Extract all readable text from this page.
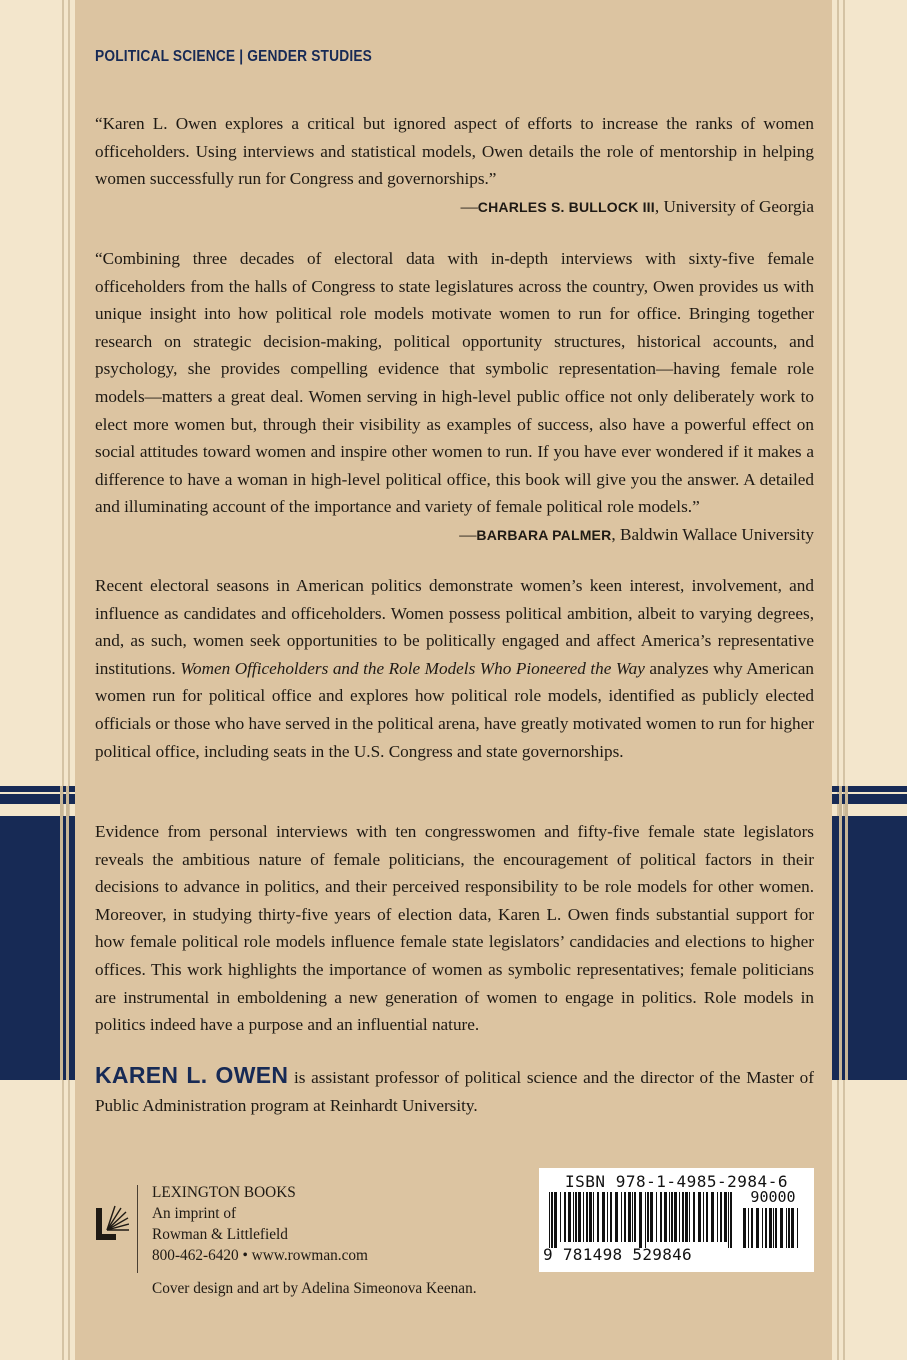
POLITICAL SCIENCE | GENDER STUDIES

“Karen L. Owen explores a critical but ignored aspect of efforts to increase the ranks of women officeholders. Using interviews and statistical models, Owen details the role of mentorship in helping women successfully run for Congress and governorships.”
—CHARLES S. BULLOCK III, University of Georgia

“Combining three decades of electoral data with in-depth interviews with sixty-five female officeholders from the halls of Congress to state legislatures across the country, Owen provides us with unique insight into how political role models motivate women to run for office. Bringing together research on strategic decision-making, political opportunity structures, historical accounts, and psychology, she provides compelling evidence that symbolic representation—having female role models—matters a great deal. Women serving in high-level public office not only deliberately work to elect more women but, through their visibility as examples of success, also have a powerful effect on social attitudes toward women and inspire other women to run. If you have ever wondered if it makes a difference to have a woman in high-level political office, this book will give you the answer. A detailed and illuminating account of the importance and variety of female political role models.”
—BARBARA PALMER, Baldwin Wallace University

Recent electoral seasons in American politics demonstrate women’s keen interest, involvement, and influence as candidates and officeholders. Women possess political ambition, albeit to varying degrees, and, as such, women seek opportunities to be politically engaged and affect America’s representative institutions. Women Officeholders and the Role Models Who Pioneered the Way analyzes why American women run for political office and explores how political role models, identified as publicly elected officials or those who have served in the political arena, have greatly motivated women to run for higher political office, including seats in the U.S. Congress and state governorships.

Evidence from personal interviews with ten congresswomen and fifty-five female state legislators reveals the ambitious nature of female politicians, the encouragement of political factors in their decisions to advance in politics, and their perceived responsibility to be role models for other women. Moreover, in studying thirty-five years of election data, Karen L. Owen finds substantial support for how female political role models influence female state legislators’ candidacies and elections to higher offices. This work highlights the importance of women as symbolic representatives; female politicians are instrumental in emboldening a new generation of women to engage in politics. Role models in politics indeed have a purpose and an influential nature.

KAREN L. OWEN is assistant professor of political science and the director of the Master of Public Administration program at Reinhardt University.

LEXINGTON BOOKS
An imprint of
Rowman & Littlefield
800-462-6420 • www.rowman.com
Cover design and art by Adelina Simeonova Keenan.
ISBN 978-1-4985-2984-6
90000
9 781498 529846
